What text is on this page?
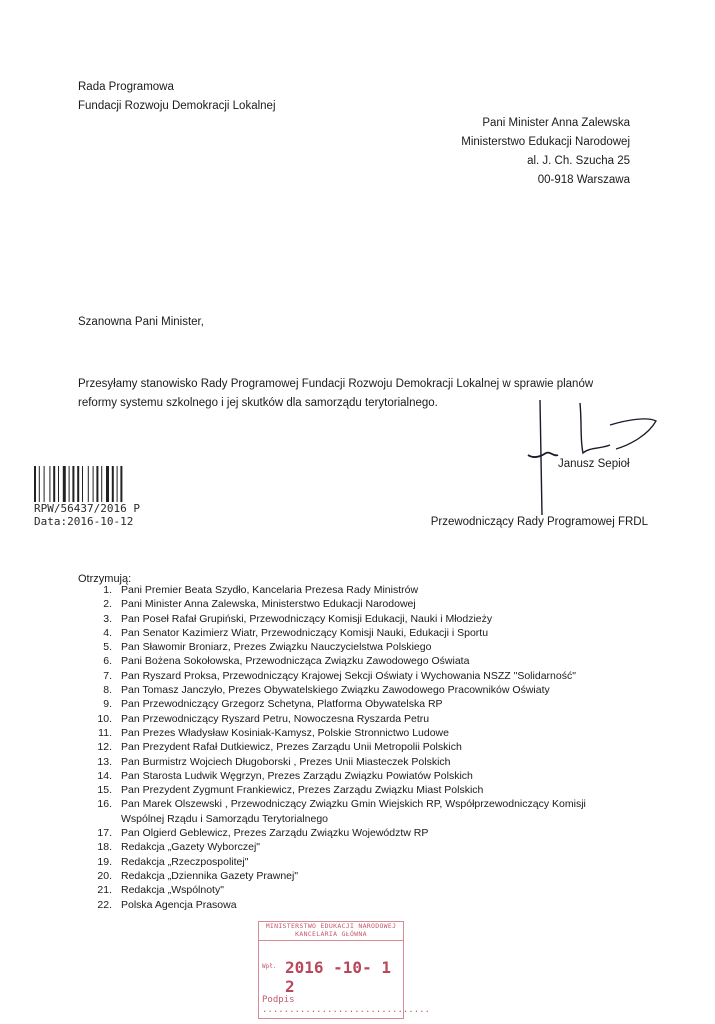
Rada Programowa
Fundacji Rozwoju Demokracji Lokalnej
Pani Minister Anna Zalewska
Ministerstwo Edukacji Narodowej
al. J. Ch. Szucha 25
00-918 Warszawa
Szanowna Pani Minister,
Przesyłamy stanowisko Rady Programowej Fundacji Rozwoju Demokracji Lokalnej w sprawie planów
reformy systemu szkolnego i jej skutków dla samorządu terytorialnego.
Janusz Sepioł
Przewodniczący Rady Programowej FRDL
RPW/56437/2016 P
Data:2016-10-12
Otrzymują:
1. Pani Premier Beata Szydło, Kancelaria Prezesa Rady Ministrów
2. Pani Minister Anna Zalewska, Ministerstwo Edukacji Narodowej
3. Pan Poseł Rafał Grupiński, Przewodniczący Komisji Edukacji, Nauki i Młodzieży
4. Pan Senator Kazimierz Wiatr, Przewodniczący Komisji Nauki, Edukacji i Sportu
5. Pan Sławomir Broniarz, Prezes Związku Nauczycielstwa Polskiego
6. Pani Bożena Sokołowska, Przewodnicząca Związku Zawodowego Oświata
7. Pan Ryszard Proksa, Przewodniczący Krajowej Sekcji Oświaty i Wychowania NSZZ "Solidarność"
8. Pan Tomasz Janczyło, Prezes Obywatelskiego Związku Zawodowego Pracowników Oświaty
9. Pan Przewodniczący Grzegorz Schetyna, Platforma Obywatelska RP
10. Pan Przewodniczący Ryszard Petru, Nowoczesna Ryszarda Petru
11. Pan Prezes Władysław Kosiniak-Kamysz, Polskie Stronnictwo Ludowe
12. Pan Prezydent Rafał Dutkiewicz, Prezes Zarządu Unii Metropolii Polskich
13. Pan Burmistrz Wojciech Długoborski , Prezes Unii Miasteczek Polskich
14. Pan Starosta Ludwik Węgrzyn, Prezes Zarządu Związku Powiatów Polskich
15. Pan Prezydent Zygmunt Frankiewicz, Prezes Zarządu Związku Miast Polskich
16. Pan Marek Olszewski , Przewodniczący Związku Gmin Wiejskich RP, Współprzewodniczący Komisji
Wspólnej Rządu i Samorządu Terytorialnego
17. Pan Olgierd Geblewicz, Prezes Zarządu Związku Województw RP
18. Redakcja „Gazety Wyborczej"
19. Redakcja „Rzeczpospolitej"
20. Redakcja „Dziennika Gazety Prawnej"
21. Redakcja „Wspólnoty"
22. Polska Agencja Prasowa
MINISTERSTWO EDUKACJI NARODOWEJ
KANCELARIA GŁÓWNA
Wpł. 2016 -10- 1 2
Podpis ...............................
